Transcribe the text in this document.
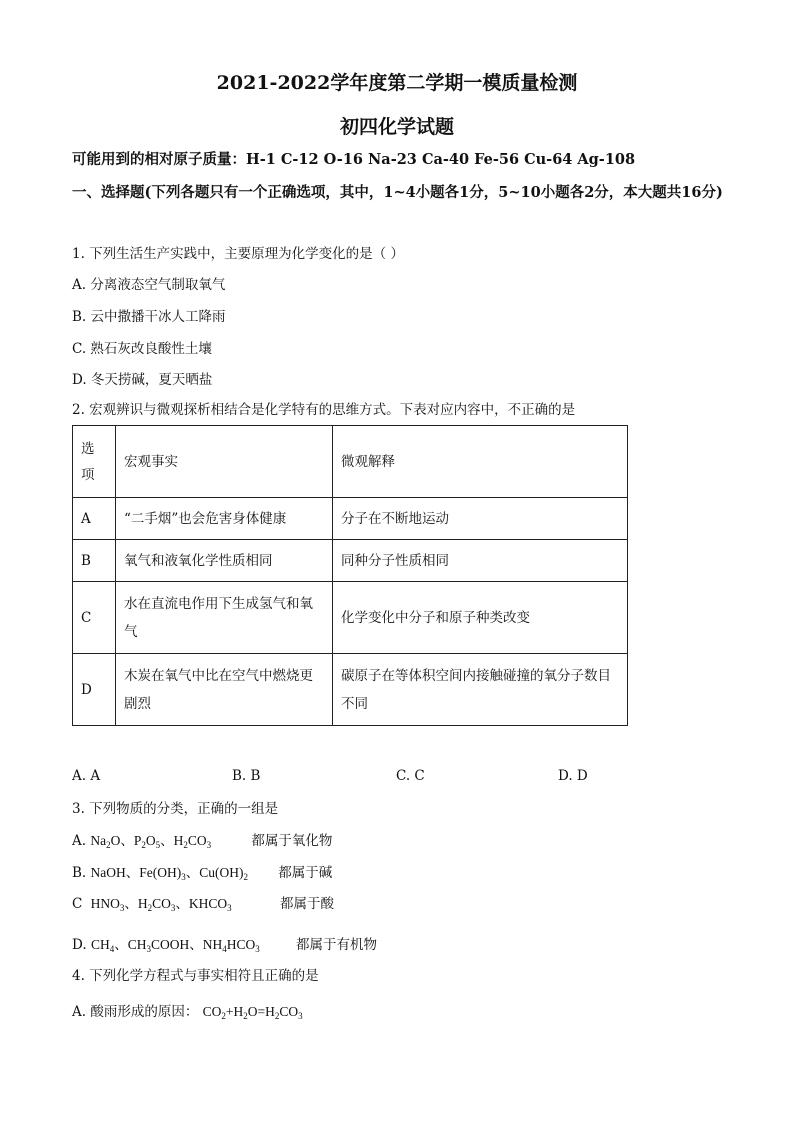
2021-2022学年度第二学期一模质量检测
初四化学试题
可能用到的相对原子质量：H-1 C-12 O-16 Na-23 Ca-40 Fe-56 Cu-64 Ag-108
一、选择题(下列各题只有一个正确选项，其中，1~4小题各1分，5~10小题各2分，本大题共16分)
1. 下列生活生产实践中，主要原理为化学变化的是（ ）
A. 分离液态空气制取氧气
B. 云中撒播干冰人工降雨
C. 熟石灰改良酸性土壤
D. 冬天捞碱，夏天晒盐
2. 宏观辨识与微观探析相结合是化学特有的思维方式。下表对应内容中，不正确的是
选项	宏观事实	微观解释
A	“二手烟”也会危害身体健康	分子在不断地运动
B	氧气和液氧化学性质相同	同种分子性质相同
C	水在直流电作用下生成氢气和氧气	化学变化中分子和原子种类改变
D	木炭在氧气中比在空气中燃烧更剧烈	碳原子在等体积空间内接触碰撞的氧分子数目不同
A. A	B. B	C. C	D. D
3. 下列物质的分类，正确的一组是
A. $Na_2O$、$P_2O_5$、$H_2CO_3$	都属于氧化物
B. NaOH、$Fe(OH)_3$、$Cu(OH)_2$ 都属于碱
C $HNO_3$、$H_2CO_3$、$KHCO_3$	都属于酸
D. $CH_4$、$CH_3COOH$、$NH_4HCO_3$	都属于有机物
4. 下列化学方程式与事实相符且正确的是
A. 酸雨形成的原因： $CO_2+H_2O=H_2CO_3$
